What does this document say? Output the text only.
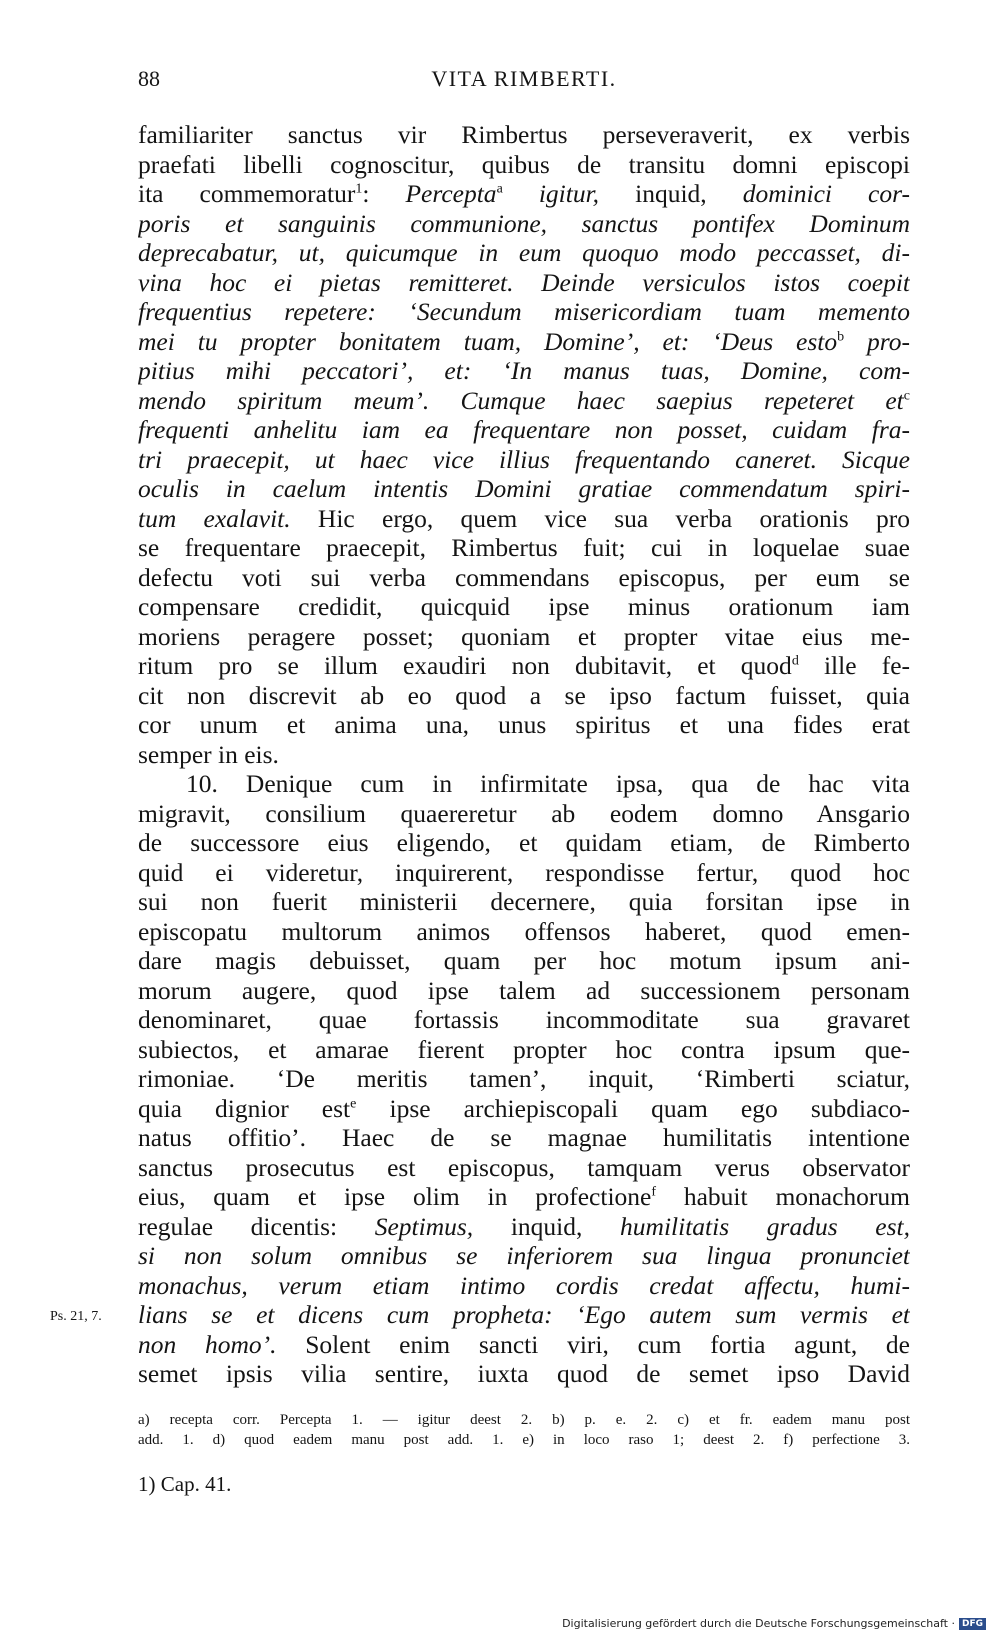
88	VITA RIMBERTI.
familiariter sanctus vir Rimbertus perseveraverit, ex verbis
praefati libelli cognoscitur, quibus de transitu domni episcopi
ita commemoratur$^1$: Percepta$^a$ igitur, inquid, dominici cor-
poris et sanguinis communione, sanctus pontifex Dominum
deprecabatur, ut, quicumque in eum quoquo modo peccasset, di-
vina hoc ei pietas remitteret. Deinde versiculos istos coepit
frequentius repetere: ‘Secundum misericordiam tuam memento
mei tu propter bonitatem tuam, Domine’, et: ‘Deus esto$^b$ pro-
pitius mihi peccatori’, et: ‘In manus tuas, Domine, com-
mendo spiritum meum’. Cumque haec saepius repeteret $et^c$
frequenti anhelitu iam ea frequentare non posset, cuidam fra-
tri praecepit, ut haec vice illius frequentando caneret. Sicque
oculis in caelum intentis Domini gratiae commendatum spiri-
tum exalavit. Hic ergo, quem vice sua verba orationis pro
se frequentare praecepit, Rimbertus fuit; cui in loquelae suae
defectu voti sui verba commendans episcopus, per eum se
compensare credidit, quicquid ipse minus orationum iam
moriens peragere posset; quoniam et propter vitae eius me-
ritum pro se illum exaudiri non dubitavit, et quod$^d$ ille fe-
cit non discrevit ab eo quod a se ipso factum fuisset, quia
cor unum et anima una, unus spiritus et una fides erat
semper in eis.
10. Denique cum in infirmitate ipsa, qua de hac vita
migravit, consilium quaereretur ab eodem domno Ansgario
de successore eius eligendo, et quidam etiam, de Rimberto
quid ei videretur, inquirerent, respondisse fertur, quod hoc
sui non fuerit ministerii decernere, quia forsitan ipse in
episcopatu multorum animos offensos haberet, quod emen-
dare magis debuisset, quam per hoc motum ipsum ani-
morum augere, quod ipse talem ad successionem personam
denominaret, quae fortassis incommoditate sua gravaret
subiectos, et amarae fierent propter hoc contra ipsum que-
rimoniae. ‘De meritis tamen’, inquit, ‘Rimberti sciatur,
quia dignior est$^e$ ipse archiepiscopali quam ego subdiaco-
natus offitio’. Haec de se magnae humilitatis intentione
sanctus prosecutus est episcopus, tamquam verus observator
eius, quam et ipse olim in profectione$^f$ habuit monachorum
regulae dicentis: Septimus, inquid, humilitatis gradus est,
si non solum omnibus se inferiorem sua lingua pronunciet
monachus, verum etiam intimo cordis credat affectu, humi-
lians se et dicens cum propheta: ‘Ego autem sum vermis et
non homo’. Solent enim sancti viri, cum fortia agunt, de
semet ipsis vilia sentire, iuxta quod de semet ipso David
Ps. 21, 7.
a) recepta corr. Percepta 1. — igitur deest 2. b) p. e. 2. c) et fr. eadem manu post
add. 1. d) quod eadem manu post add. 1. e) in loco raso 1; deest 2. f) perfectione 3.
1) Cap. 41.
Digitalisierung gefördert durch die Deutsche Forschungsgemeinschaft · DFG
